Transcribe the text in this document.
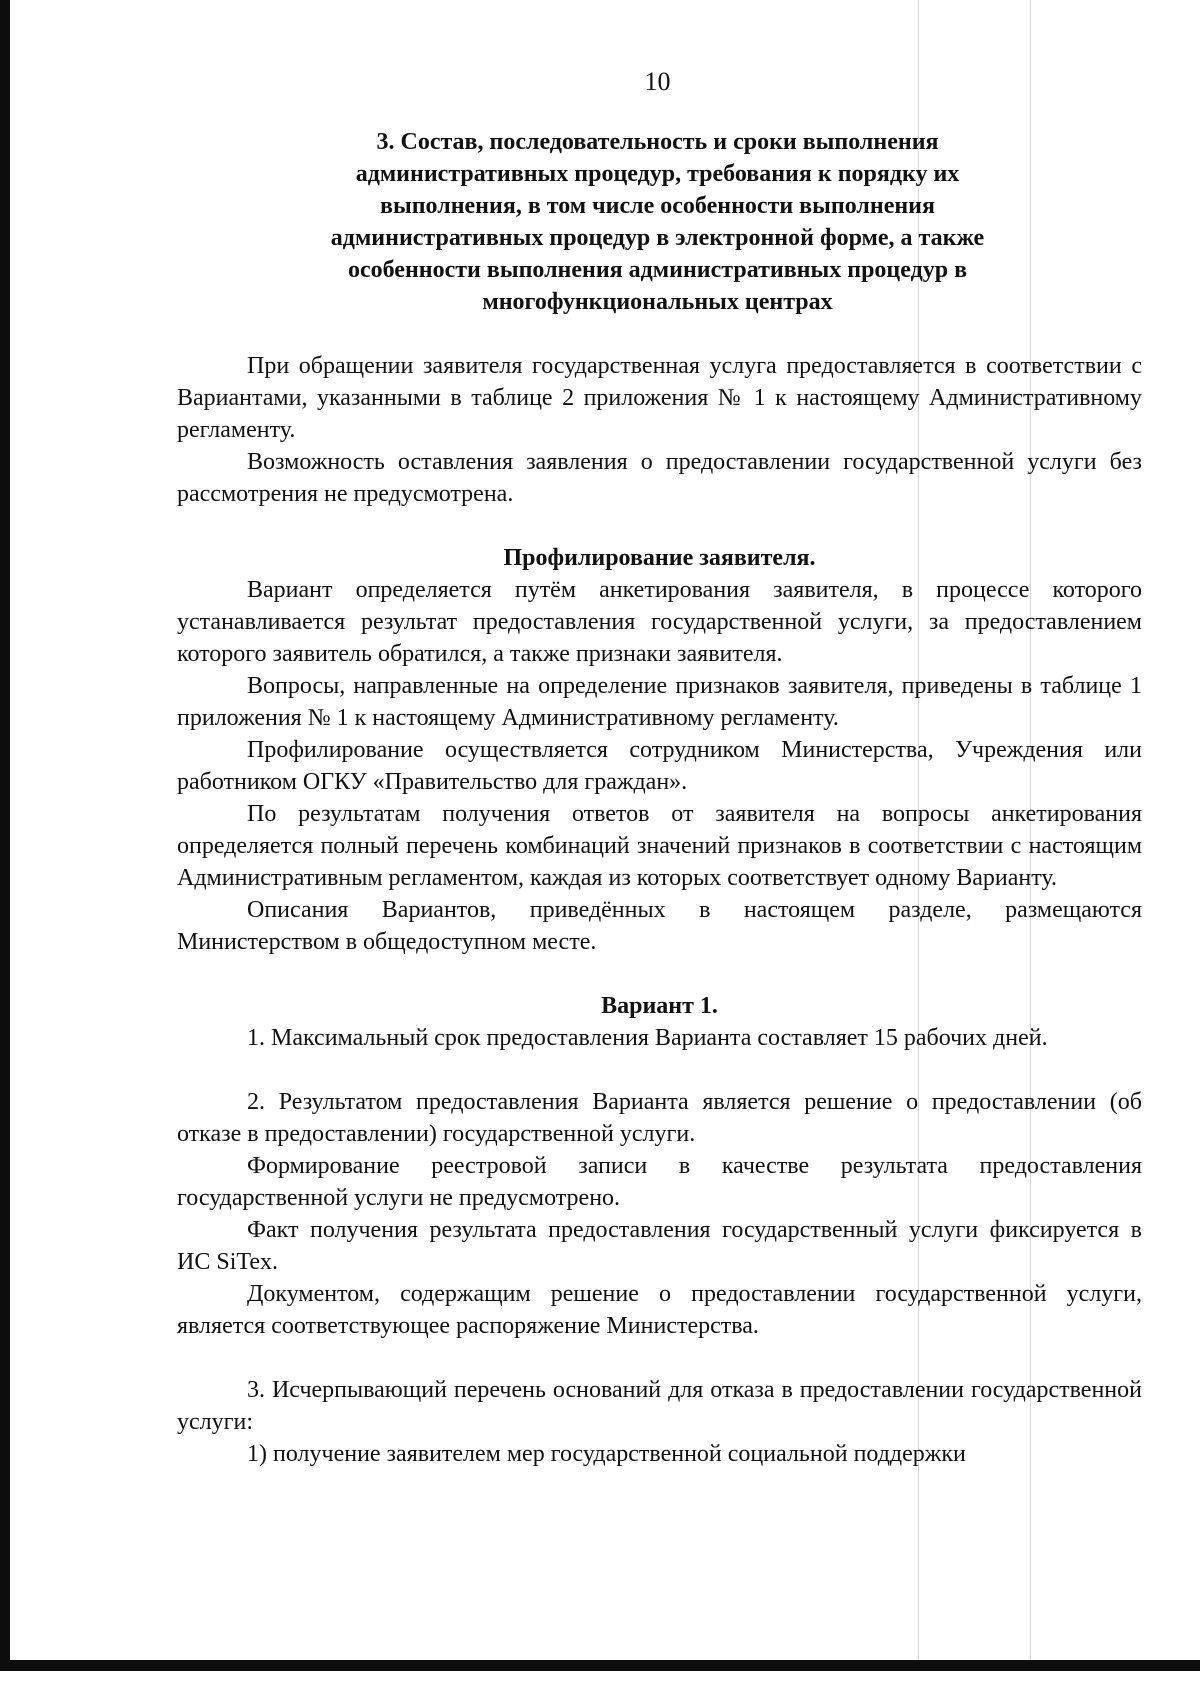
10
3. Состав, последовательность и сроки выполнения административных процедур, требования к порядку их выполнения, в том числе особенности выполнения административных процедур в электронной форме, а также особенности выполнения административных процедур в многофункциональных центрах

При обращении заявителя государственная услуга предоставляется в соответствии с Вариантами, указанными в таблице 2 приложения № 1 к настоящему Административному регламенту.

Возможность оставления заявления о предоставлении государственной услуги без рассмотрения не предусмотрена.

Профилирование заявителя.

Вариант определяется путём анкетирования заявителя, в процессе которого устанавливается результат предоставления государственной услуги, за предоставлением которого заявитель обратился, а также признаки заявителя.

Вопросы, направленные на определение признаков заявителя, приведены в таблице 1 приложения № 1 к настоящему Административному регламенту.

Профилирование осуществляется сотрудником Министерства, Учреждения или работником ОГКУ «Правительство для граждан».

По результатам получения ответов от заявителя на вопросы анкетирования определяется полный перечень комбинаций значений признаков в соответствии с настоящим Административным регламентом, каждая из которых соответствует одному Варианту.

Описания Вариантов, приведённых в настоящем разделе, размещаются Министерством в общедоступном месте.

Вариант 1.

1. Максимальный срок предоставления Варианта составляет 15 рабочих дней.

2. Результатом предоставления Варианта является решение о предоставлении (об отказе в предоставлении) государственной услуги.

Формирование реестровой записи в качестве результата предоставления государственной услуги не предусмотрено.

Факт получения результата предоставления государственный услуги фиксируется в ИС SiTex.

Документом, содержащим решение о предоставлении государственной услуги, является соответствующее распоряжение Министерства.

3. Исчерпывающий перечень оснований для отказа в предоставлении государственной услуги:

1) получение заявителем мер государственной социальной поддержки
